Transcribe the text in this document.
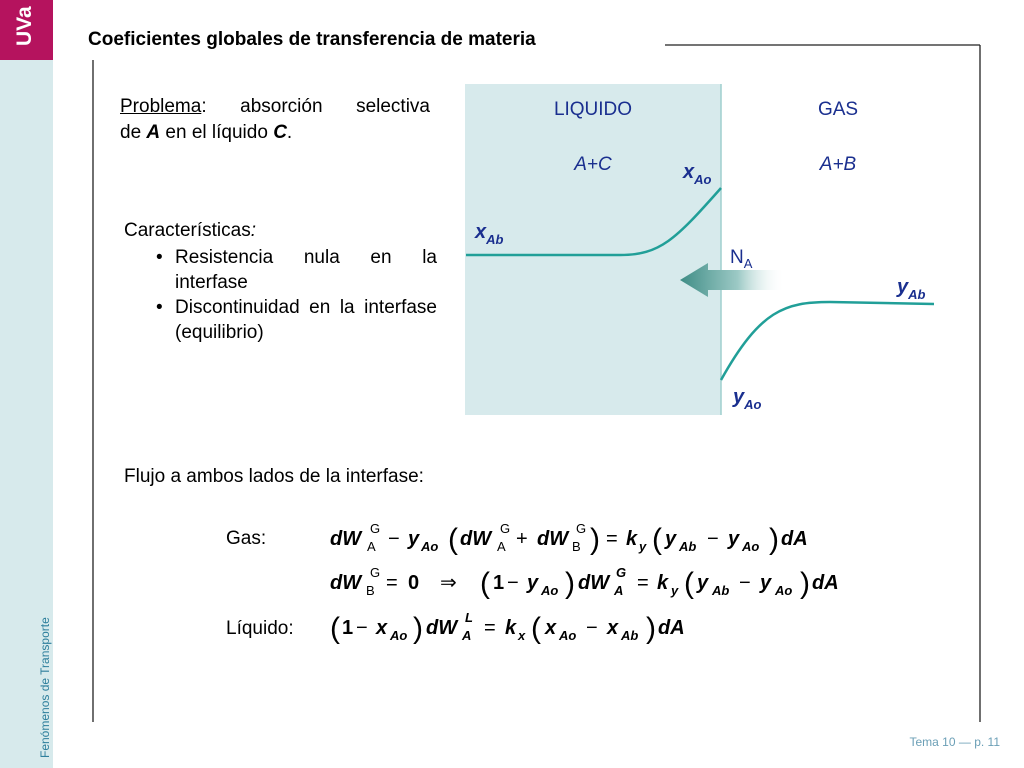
UVa
Fenómenos de Transporte
Coeficientes globales de transferencia de materia
Problema: absorción selectiva
de A en el líquido C.
Características:
• Resistencia nula en la interfase
• Discontinuidad en la interfase (equilibrio)
LIQUIDO	GAS
A+C	A+B
$x_{Ao}$
$x_{Ab}$
$N_A$
$y_{Ab}$
$y_{Ao}$
Flujo a ambos lados de la interfase:
Gas:	dW G
A − y Ao ( dW G
A + dW G
B ) = k y ( y Ab − y Ao ) dA
dW G
B = 0 ⇒ ( 1 − y Ao ) dW G
A = k y ( y Ab − y Ao ) dA
Líquido: ( 1 − x Ao ) dW L
A = k x ( x Ao − x Ab ) dA
Tema 10 — p. 11
